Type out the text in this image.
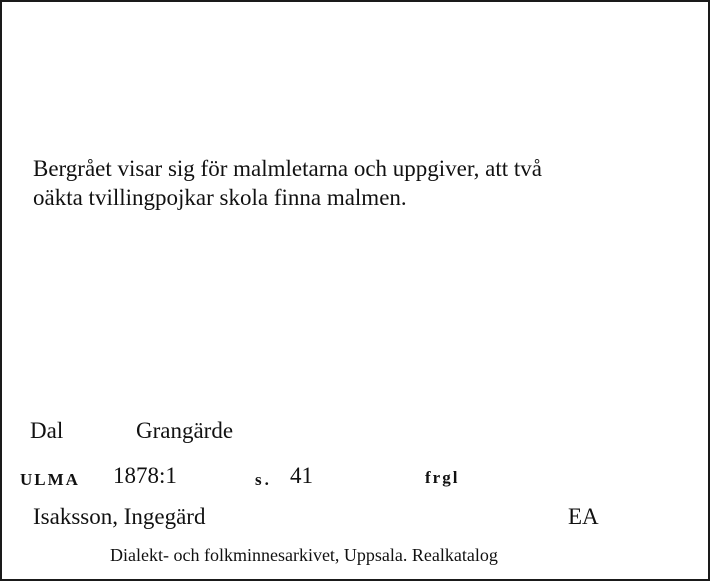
Bergrået visar sig för malmletarna och uppgiver, att två
oäkta tvillingpojkar skola finna malmen.

Dal	Grangärde
ULMA 1878:1	s. 41	frgl
Isaksson, Ingegärd	EA
Dialekt- och folkminnesarkivet, Uppsala. Realkatalog
